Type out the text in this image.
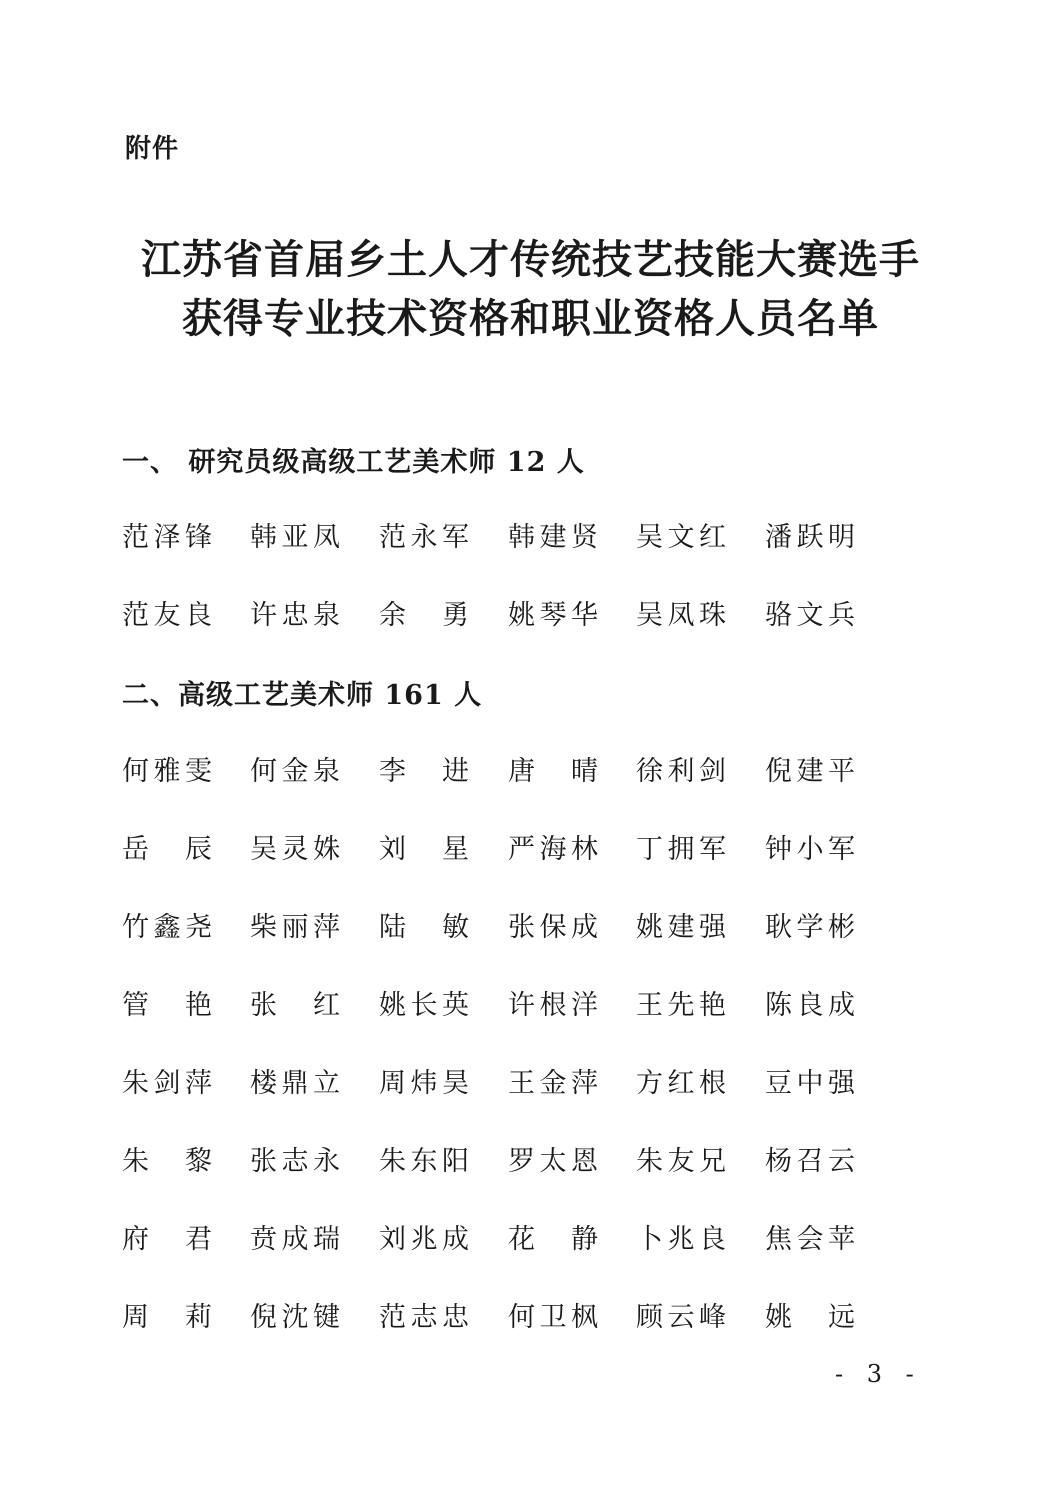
附件
江苏省首届乡土人才传统技艺技能大赛选手
获得专业技术资格和职业资格人员名单
一、 研究员级高级工艺美术师 12 人
范 泽 锋 韩 亚 凤 范 永 军 韩 建 贤 吴 文 红 潘 跃 明
范 友 良 许 忠 泉 余 勇 姚 琴 华 吴 凤 珠 骆 文 兵
二、高级工艺美术师 161 人
何 雅 雯 何 金 泉 李 进 唐 晴 徐 利 剑 倪 建 平
岳 辰 吴 灵 姝 刘 星 严 海 林 丁 拥 军 钟 小 军
竹 鑫 尧 柴 丽 萍 陆 敏 张 保 成 姚 建 强 耿 学 彬
管 艳 张 红 姚 长 英 许 根 洋 王 先 艳 陈 良 成
朱 剑 萍 楼 鼎 立 周 炜 昊 王 金 萍 方 红 根 豆 中 强
朱 黎 张 志 永 朱 东 阳 罗 太 恩 朱 友 兄 杨 召 云
府 君 贲 成 瑞 刘 兆 成 花 静 卜 兆 良 焦 会 苹
周 莉 倪 沈 键 范 志 忠 何 卫 枫 顾 云 峰 姚 远
- 3 -
